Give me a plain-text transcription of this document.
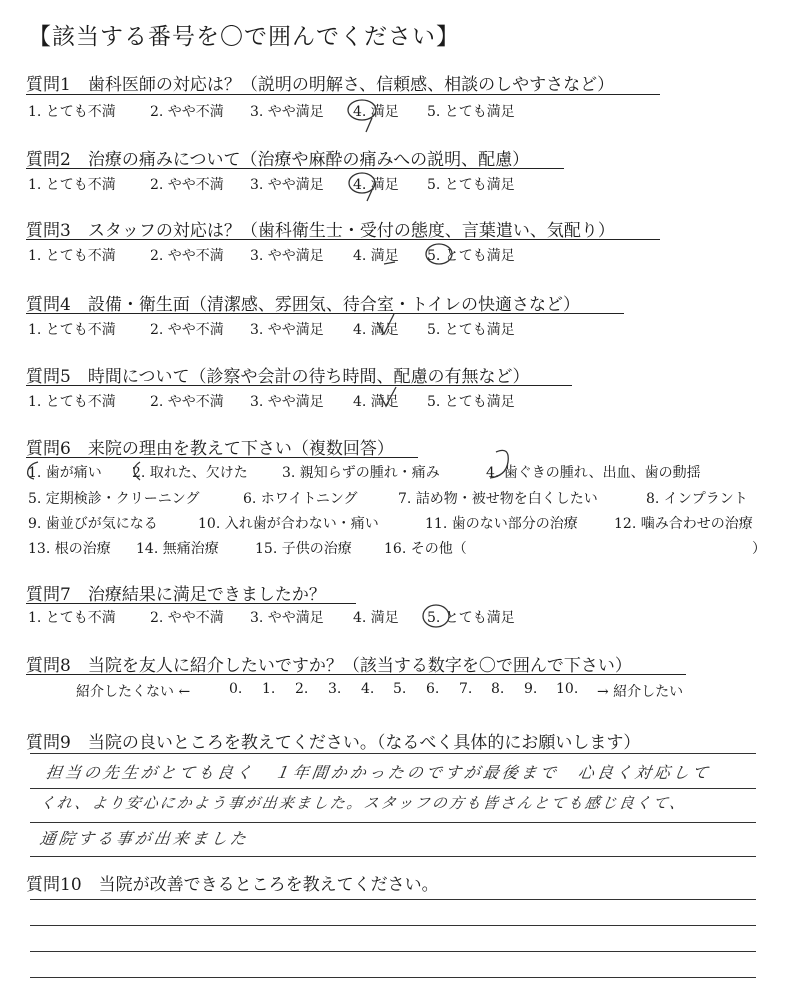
【該当する番号を〇で囲んでください】
質問1　歯科医師の対応は？（説明の明解さ、信頼感、相談のしやすさなど）
1. とても不満 2. やや不満 3. やや満足 4. 満足 5. とても満足
質問2　治療の痛みについて（治療や麻酔の痛みへの説明、配慮）
1. とても不満 2. やや不満 3. やや満足 4. 満足 5. とても満足
質問3　スタッフの対応は？（歯科衛生士・受付の態度、言葉遣い、気配り）
1. とても不満 2. やや不満 3. やや満足 4. 満足 5. とても満足
質問4　設備・衛生面（清潔感、雰囲気、待合室・トイレの快適さなど）
1. とても不満 2. やや不満 3. やや満足 4. 満足 5. とても満足
質問5　時間について（診察や会計の待ち時間、配慮の有無など）
1. とても不満 2. やや不満 3. やや満足 4. 満足 5. とても満足
質問6　来院の理由を教えて下さい（複数回答）
1. 歯が痛い 2. 取れた、欠けた 3. 親知らずの腫れ・痛み	4. 歯ぐきの腫れ、出血、歯の動揺
5. 定期検診・クリーニング	6. ホワイトニング	7. 詰め物・被せ物を白くしたい	8. インプラント
9. 歯並びが気になる	10. 入れ歯が合わない・痛い	11. 歯のない部分の治療	12. 噛み合わせの治療
13. 根の治療 14. 無痛治療	15. 子供の治療 16. その他（	）
質問7　治療結果に満足できましたか？
1. とても不満 2. やや不満 3. やや満足 4. 満足 5. とても満足
質問8　当院を友人に紹介したいですか？（該当する数字を〇で囲んで下さい）
紹介したくない ←	0. 1. 2. 3. 4. 5. 6. 7. 8. 9. 10. → 紹介したい
質問9　当院の良いところを教えてください。（なるべく具体的にお願いします）
担当の先生がとても良く　１年間かかったのですが最後まで　心良く対応して
くれ、より安心にかよう事が出来ました。スタッフの方も皆さんとても感じ良くて、
通院する事が出来ました
質問10　当院が改善できるところを教えてください。
